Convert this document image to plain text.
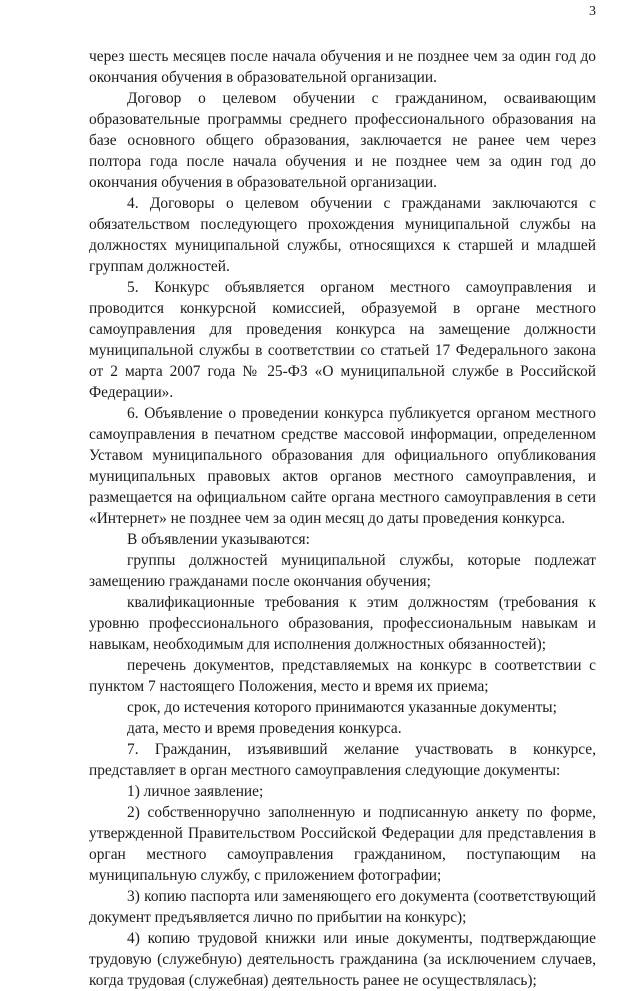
3

через шесть месяцев после начала обучения и не позднее чем за один год до окончания обучения в образовательной организации.

Договор о целевом обучении с гражданином, осваивающим образовательные программы среднего профессионального образования на базе основного общего образования, заключается не ранее чем через полтора года после начала обучения и не позднее чем за один год до окончания обучения в образовательной организации.

4. Договоры о целевом обучении с гражданами заключаются с обязательством последующего прохождения муниципальной службы на должностях муниципальной службы, относящихся к старшей и младшей группам должностей.

5. Конкурс объявляется органом местного самоуправления и проводится конкурсной комиссией, образуемой в органе местного самоуправления для проведения конкурса на замещение должности муниципальной службы в соответствии со статьей 17 Федерального закона от 2 марта 2007 года № 25-ФЗ «О муниципальной службе в Российской Федерации».

6. Объявление о проведении конкурса публикуется органом местного самоуправления в печатном средстве массовой информации, определенном Уставом муниципального образования для официального опубликования муниципальных правовых актов органов местного самоуправления, и размещается на официальном сайте органа местного самоуправления в сети «Интернет» не позднее чем за один месяц до даты проведения конкурса.

В объявлении указываются:

группы должностей муниципальной службы, которые подлежат замещению гражданами после окончания обучения;

квалификационные требования к этим должностям (требования к уровню профессионального образования, профессиональным навыкам и навыкам, необходимым для исполнения должностных обязанностей);

перечень документов, представляемых на конкурс в соответствии с пунктом 7 настоящего Положения, место и время их приема;

срок, до истечения которого принимаются указанные документы;

дата, место и время проведения конкурса.

7. Гражданин, изъявивший желание участвовать в конкурсе, представляет в орган местного самоуправления следующие документы:

1) личное заявление;

2) собственноручно заполненную и подписанную анкету по форме, утвержденной Правительством Российской Федерации для представления в орган местного самоуправления гражданином, поступающим на муниципальную службу, с приложением фотографии;

3) копию паспорта или заменяющего его документа (соответствующий документ предъявляется лично по прибытии на конкурс);

4) копию трудовой книжки или иные документы, подтверждающие трудовую (служебную) деятельность гражданина (за исключением случаев, когда трудовая (служебная) деятельность ранее не осуществлялась);
